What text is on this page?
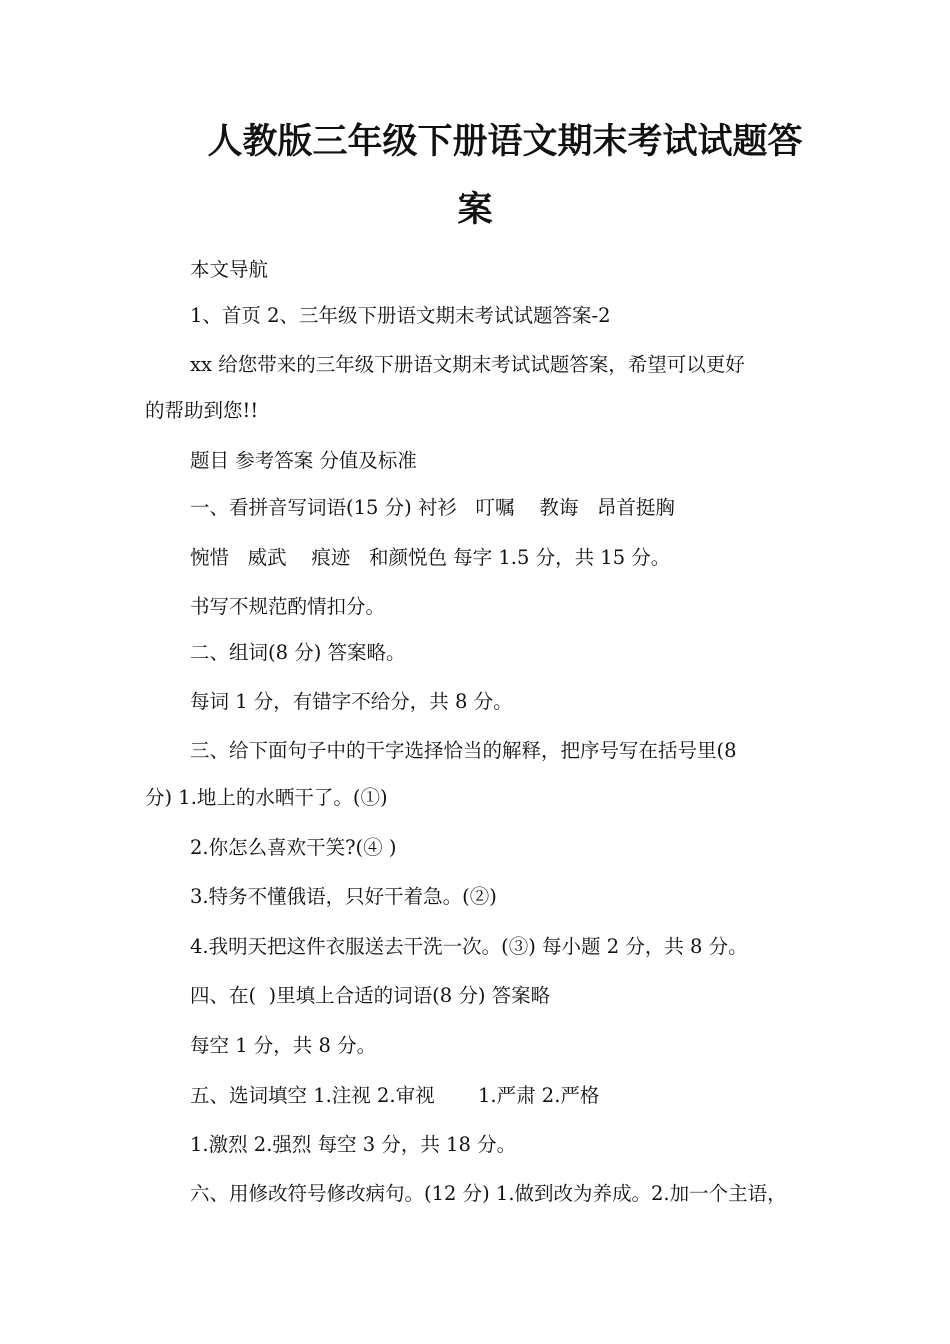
人教版三年级下册语文期末考试试题答
案
本文导航
1、首页 2、三年级下册语文期末考试试题答案-2
xx 给您带来的三年级下册语文期末考试试题答案，希望可以更好
的帮助到您!!
题目 参考答案 分值及标准
一、看拼音写词语(15 分) 衬衫   叮嘱    教诲   昂首挺胸
惋惜   威武    痕迹   和颜悦色 每字 1.5 分，共 15 分。
书写不规范酌情扣分。
二、组词(8 分) 答案略。
每词 1 分，有错字不给分，共 8 分。
三、给下面句子中的干字选择恰当的解释，把序号写在括号里(8
分) 1.地上的水晒干了。(①)
2.你怎么喜欢干笑?(④ )
3.特务不懂俄语，只好干着急。(②)
4.我明天把这件衣服送去干洗一次。(③) 每小题 2 分，共 8 分。
四、在(  )里填上合适的词语(8 分) 答案略
每空 1 分，共 8 分。
五、选词填空 1.注视 2.审视       1.严肃 2.严格
1.激烈 2.强烈 每空 3 分，共 18 分。
六、用修改符号修改病句。(12 分) 1.做到改为养成。2.加一个主语，
